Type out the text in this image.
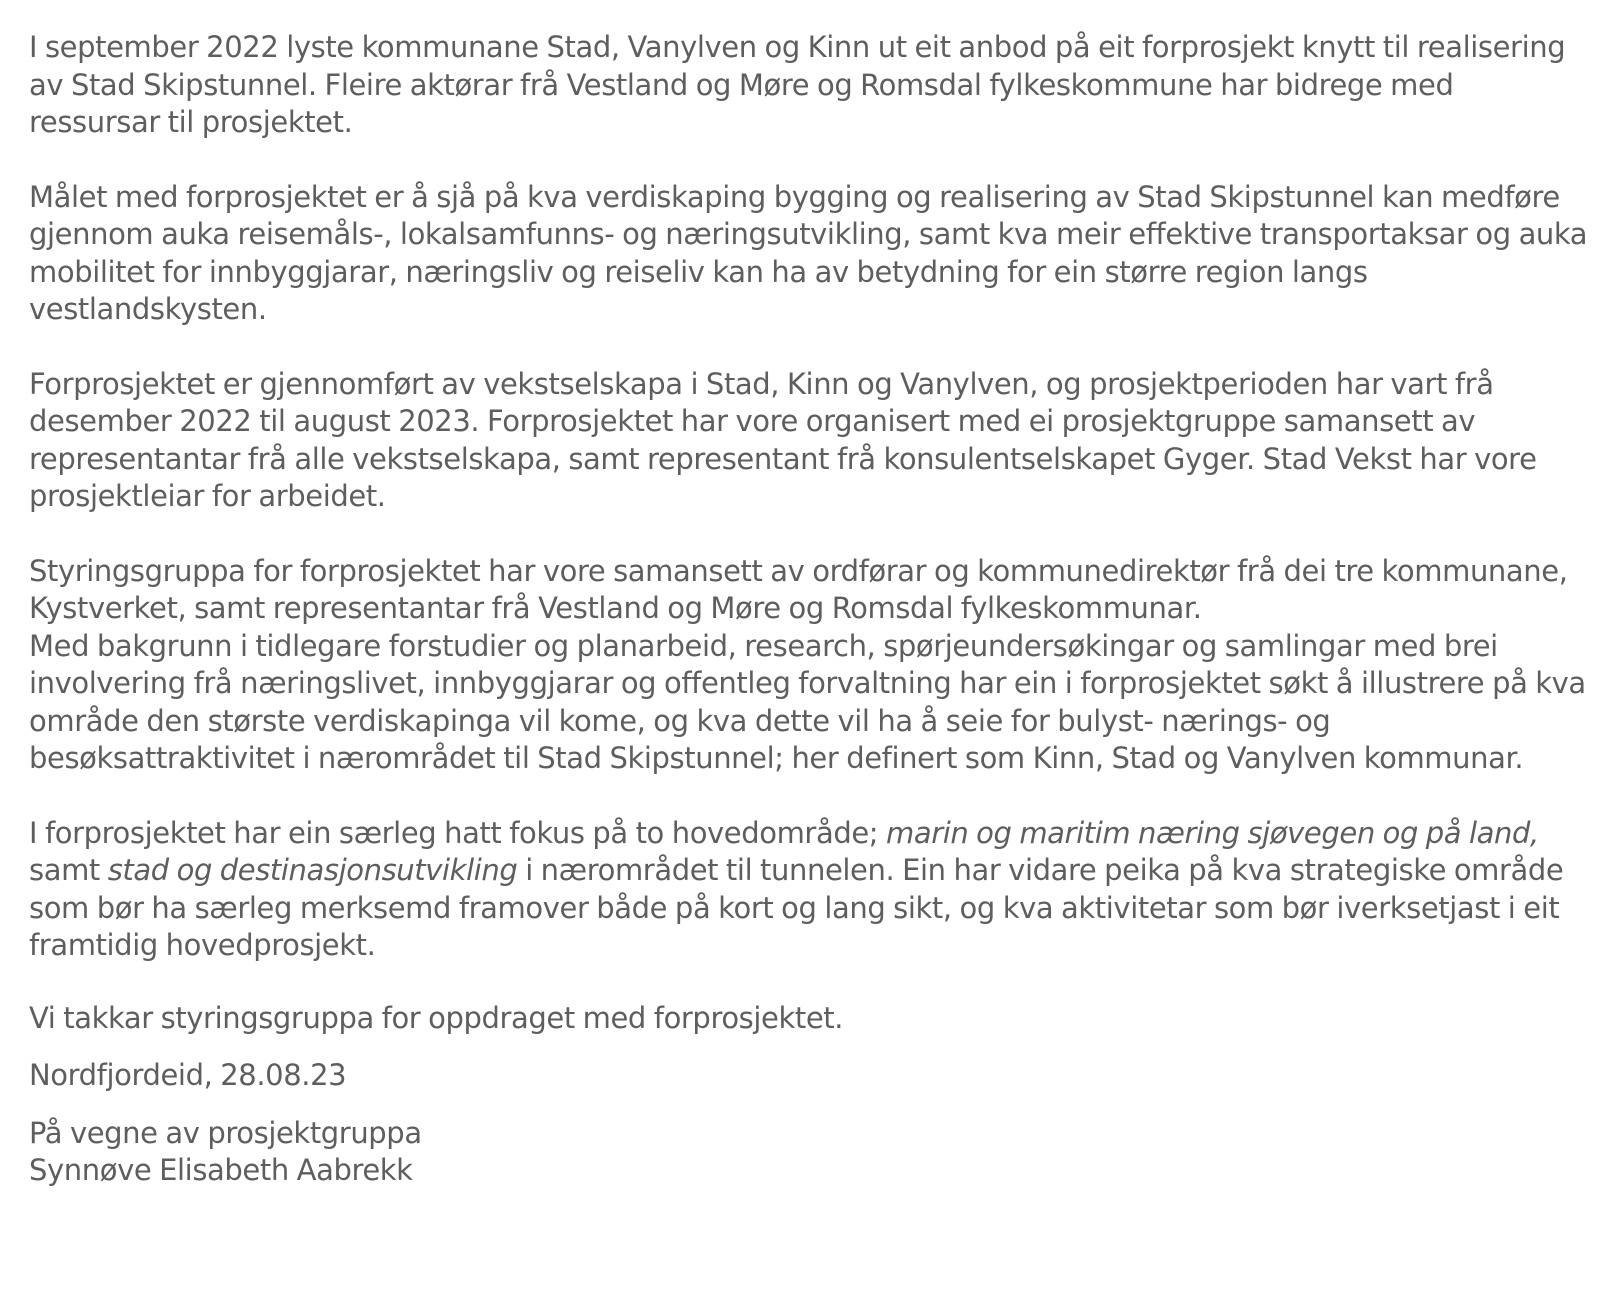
I september 2022 lyste kommunane Stad, Vanylven og Kinn ut eit anbod på eit forprosjekt knytt til realisering av Stad Skipstunnel. Fleire aktørar frå Vestland og Møre og Romsdal fylkeskommune har bidrege med ressursar til prosjektet.

Målet med forprosjektet er å sjå på kva verdiskaping bygging og realisering av Stad Skipstunnel kan medføre gjennom auka reisemåls-, lokalsamfunns- og næringsutvikling, samt kva meir effektive transportaksar og auka mobilitet for innbyggjarar, næringsliv og reiseliv kan ha av betydning for ein større region langs vestlandskysten.

Forprosjektet er gjennomført av vekstselskapa i Stad, Kinn og Vanylven, og prosjektperioden har vart frå desember 2022 til august 2023. Forprosjektet har vore organisert med ei prosjektgruppe samansett av representantar frå alle vekstselskapa, samt representant frå konsulentselskapet Gyger. Stad Vekst har vore prosjektleiar for arbeidet.

Styringsgruppa for forprosjektet har vore samansett av ordførar og kommunedirektør frå dei tre kommunane, Kystverket, samt representantar frå Vestland og Møre og Romsdal fylkeskommunar.

Med bakgrunn i tidlegare forstudier og planarbeid, research, spørjeundersøkingar og samlingar med brei involvering frå næringslivet, innbyggjarar og offentleg forvaltning har ein i forprosjektet søkt å illustrere på kva område den største verdiskapinga vil kome, og kva dette vil ha å seie for bulyst- nærings- og besøksattraktivitet i nærområdet til Stad Skipstunnel; her definert som Kinn, Stad og Vanylven kommunar.

I forprosjektet har ein særleg hatt fokus på to hovedområde; marin og maritim næring sjøvegen og på land, samt stad og destinasjonsutvikling i nærområdet til tunnelen. Ein har vidare peika på kva strategiske område som bør ha særleg merksemd framover både på kort og lang sikt, og kva aktivitetar som bør iverksetjast i eit framtidig hovedprosjekt.

Vi takkar styringsgruppa for oppdraget med forprosjektet.

Nordfjordeid, 28.08.23

På vegne av prosjektgruppa

Synnøve Elisabeth Aabrekk
